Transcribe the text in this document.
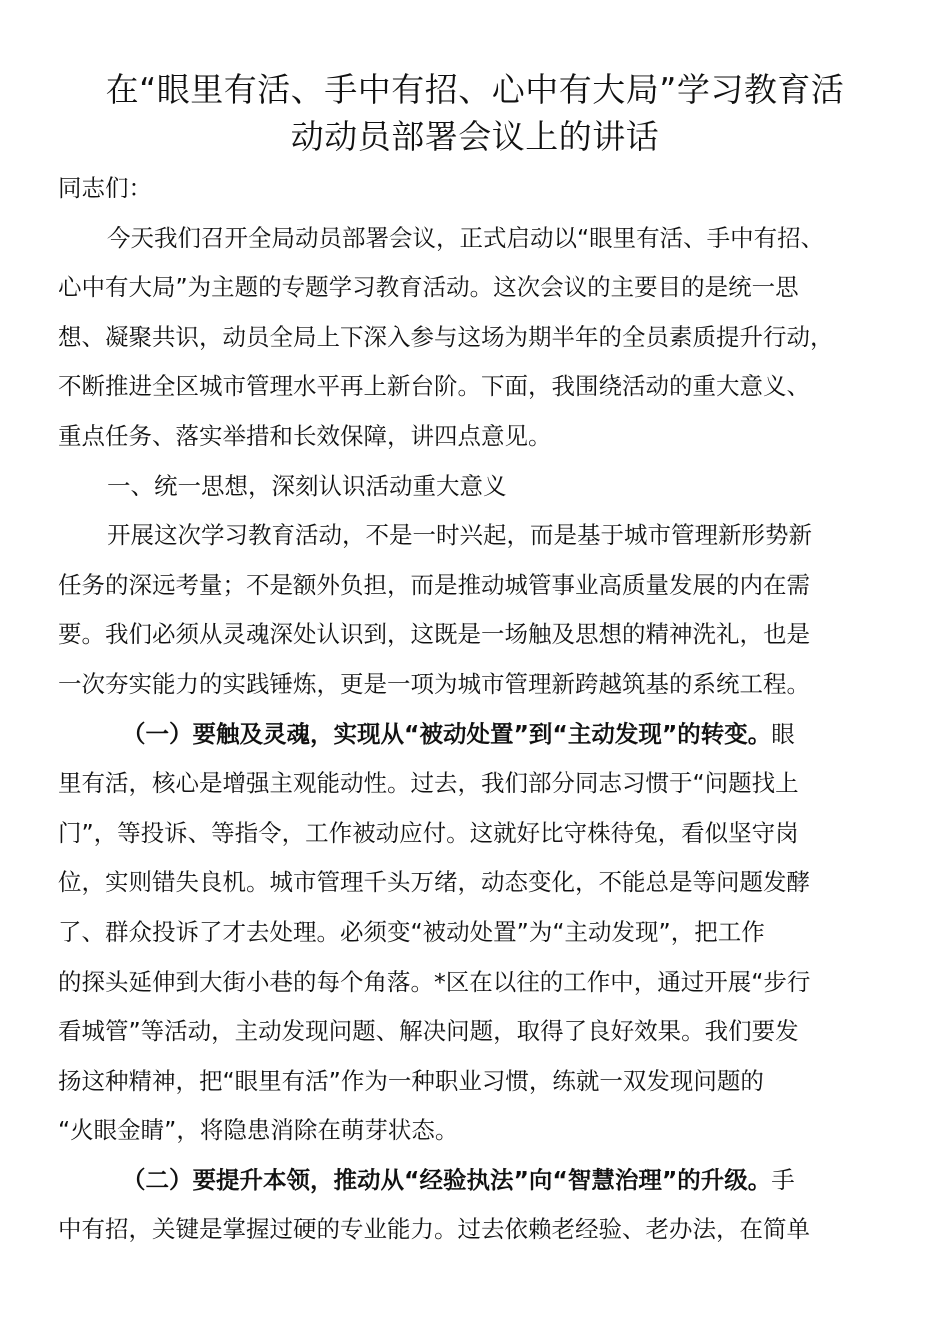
在“眼里有活、手中有招、心中有大局”学习教育活
动动员部署会议上的讲话
同志们：
今天我们召开全局动员部署会议，正式启动以“眼里有活、手中有招、
心中有大局”为主题的专题学习教育活动。这次会议的主要目的是统一思
想、凝聚共识，动员全局上下深入参与这场为期半年的全员素质提升行动，
不断推进全区城市管理水平再上新台阶。下面，我围绕活动的重大意义、
重点任务、落实举措和长效保障，讲四点意见。
一、统一思想，深刻认识活动重大意义
开展这次学习教育活动，不是一时兴起，而是基于城市管理新形势新
任务的深远考量；不是额外负担，而是推动城管事业高质量发展的内在需
要。我们必须从灵魂深处认识到，这既是一场触及思想的精神洗礼，也是
一次夯实能力的实践锤炼，更是一项为城市管理新跨越筑基的系统工程。
（一）要触及灵魂，实现从“被动处置”到“主动发现”的转变。眼
里有活，核心是增强主观能动性。过去，我们部分同志习惯于“问题找上
门”，等投诉、等指令，工作被动应付。这就好比守株待兔，看似坚守岗
位，实则错失良机。城市管理千头万绪，动态变化，不能总是等问题发酵
了、群众投诉了才去处理。必须变“被动处置”为“主动发现”，把工作
的探头延伸到大街小巷的每个角落。*区在以往的工作中，通过开展“步行
看城管”等活动，主动发现问题、解决问题，取得了良好效果。我们要发
扬这种精神，把“眼里有活”作为一种职业习惯，练就一双发现问题的
“火眼金睛”，将隐患消除在萌芽状态。
（二）要提升本领，推动从“经验执法”向“智慧治理”的升级。手
中有招，关键是掌握过硬的专业能力。过去依赖老经验、老办法，在简单
